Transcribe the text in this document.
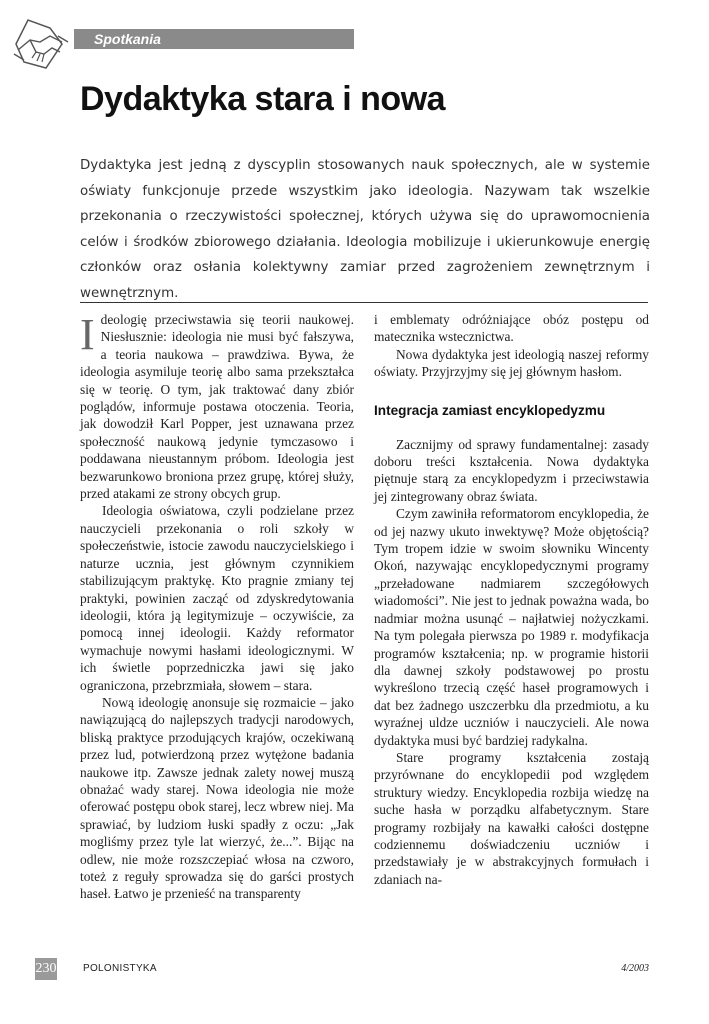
Spotkania
Dydaktyka stara i nowa

Dydaktyka jest jedną z dyscyplin stosowanych nauk społecznych, ale w systemie oświaty funkcjonuje przede wszystkim jako ideologia. Nazywam tak wszelkie przekonania o rzeczywistości społecznej, których używa się do uprawomocnienia celów i środków zbiorowego działania. Ideologia mobilizuje i ukierunkowuje energię członków oraz osłania kolektywny zamiar przed zagrożeniem zewnętrznym i wewnętrznym.

Ideologię przeciwstawia się teorii naukowej. Niesłusznie: ideologia nie musi być fałszywa, a teoria naukowa – prawdziwa. Bywa, że ideologia asymiluje teorię albo sama przekształca się w teorię. O tym, jak traktować dany zbiór poglądów, informuje postawa otoczenia. Teoria, jak dowodził Karl Popper, jest uznawana przez społeczność naukową jedynie tymczasowo i poddawana nieustannym próbom. Ideologia jest bezwarunkowo broniona przez grupę, której służy, przed atakami ze strony obcych grup.

Ideologia oświatowa, czyli podzielane przez nauczycieli przekonania o roli szkoły w społeczeństwie, istocie zawodu nauczycielskiego i naturze ucznia, jest głównym czynnikiem stabilizującym praktykę. Kto pragnie zmiany tej praktyki, powinien zacząć od zdyskredytowania ideologii, która ją legitymizuje – oczywiście, za pomocą innej ideologii. Każdy reformator wymachuje nowymi hasłami ideologicznymi. W ich świetle poprzedniczka jawi się jako ograniczona, przebrzmiała, słowem – stara.

Nową ideologię anonsuje się rozmaicie – jako nawiązującą do najlepszych tradycji narodowych, bliską praktyce przodujących krajów, oczekiwaną przez lud, potwierdzoną przez wytężone badania naukowe itp. Zawsze jednak zalety nowej muszą obnażać wady starej. Nowa ideologia nie może oferować postępu obok starej, lecz wbrew niej. Ma sprawiać, by ludziom łuski spadły z oczu: „Jak mogliśmy przez tyle lat wierzyć, że...”. Bijąc na odlew, nie może rozszczepiać włosa na czworo, toteż z reguły sprowadza się do garści prostych haseł. Łatwo je przenieść na transparenty

i emblematy odróżniające obóz postępu od matecznika wstecznictwa.

Nowa dydaktyka jest ideologią naszej reformy oświaty. Przyjrzyjmy się jej głównym hasłom.

Integracja zamiast encyklopedyzmu

Zacznijmy od sprawy fundamentalnej: zasady doboru treści kształcenia. Nowa dydaktyka piętnuje starą za encyklopedyzm i przeciwstawia jej zintegrowany obraz świata.

Czym zawiniła reformatorom encyklopedia, że od jej nazwy ukuto inwektywę? Może objętością? Tym tropem idzie w swoim słowniku Wincenty Okoń, nazywając encyklopedycznymi programy „przeładowane nadmiarem szczegółowych wiadomości”. Nie jest to jednak poważna wada, bo nadmiar można usunąć – najłatwiej nożyczkami. Na tym polegała pierwsza po 1989 r. modyfikacja programów kształcenia; np. w programie historii dla dawnej szkoły podstawowej po prostu wykreślono trzecią część haseł programowych i dat bez żadnego uszczerbku dla przedmiotu, a ku wyraźnej uldze uczniów i nauczycieli. Ale nowa dydaktyka musi być bardziej radykalna.

Stare programy kształcenia zostają przyrównane do encyklopedii pod względem struktury wiedzy. Encyklopedia rozbija wiedzę na suche hasła w porządku alfabetycznym. Stare programy rozbijały na kawałki całości dostępne codziennemu doświadczeniu uczniów i przedstawiały je w abstrakcyjnych formułach i zdaniach na-

230	POLONISTYKA	4/2003
